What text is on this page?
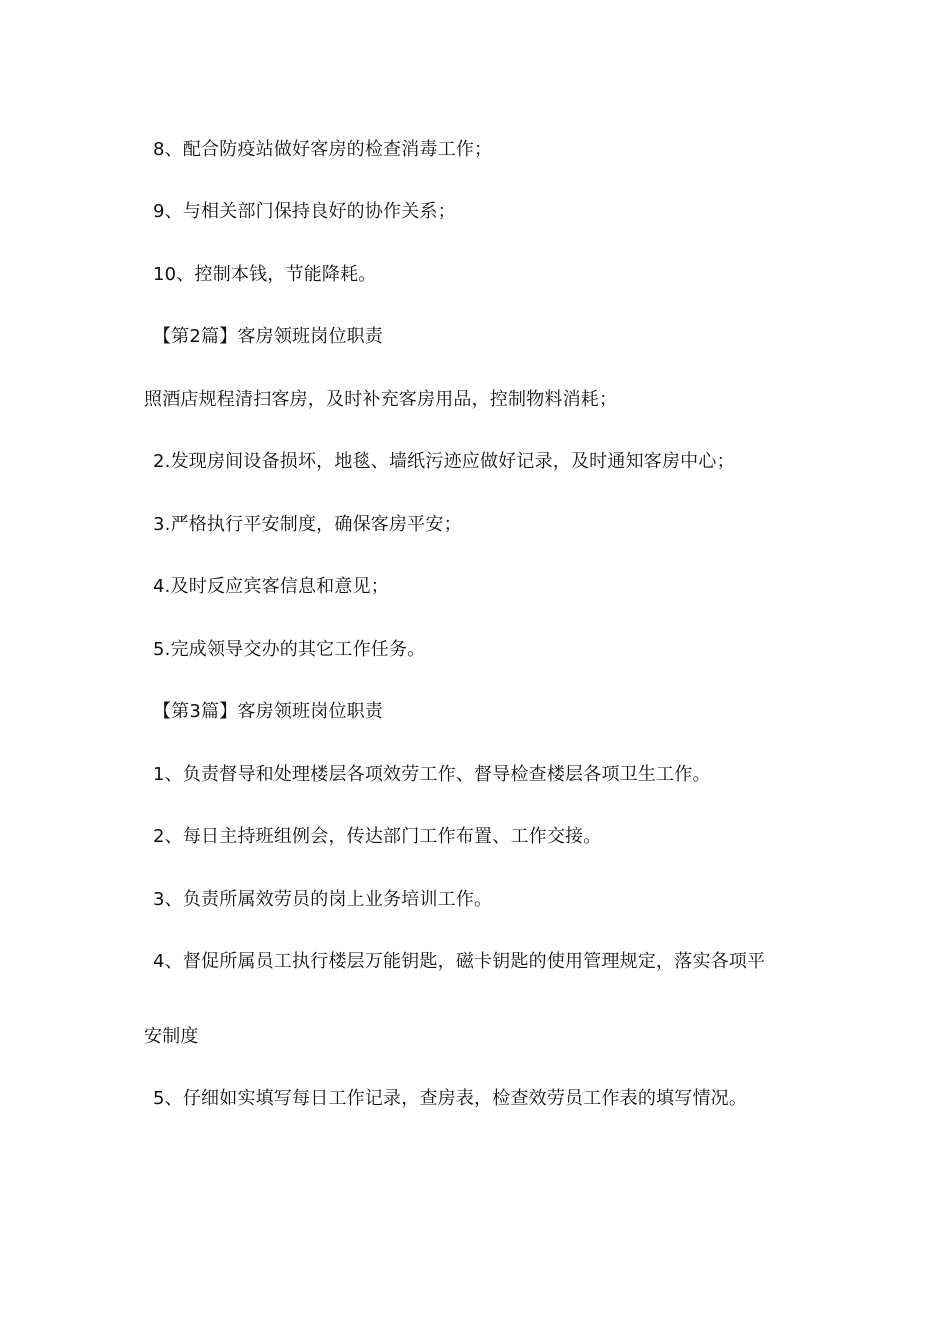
8、配合防疫站做好客房的检查消毒工作；
9、与相关部门保持良好的协作关系；
10、控制本钱，节能降耗。
【第2篇】客房领班岗位职责
照酒店规程清扫客房，及时补充客房用品，控制物料消耗；
2.发现房间设备损坏，地毯、墙纸污迹应做好记录，及时通知客房中心；
3.严格执行平安制度，确保客房平安；
4.及时反应宾客信息和意见；
5.完成领导交办的其它工作任务。
【第3篇】客房领班岗位职责
1、负责督导和处理楼层各项效劳工作、督导检查楼层各项卫生工作。
2、每日主持班组例会，传达部门工作布置、工作交接。
3、负责所属效劳员的岗上业务培训工作。
4、督促所属员工执行楼层万能钥匙，磁卡钥匙的使用管理规定，落实各项平
安制度
5、仔细如实填写每日工作记录，查房表，检查效劳员工作表的填写情况。
